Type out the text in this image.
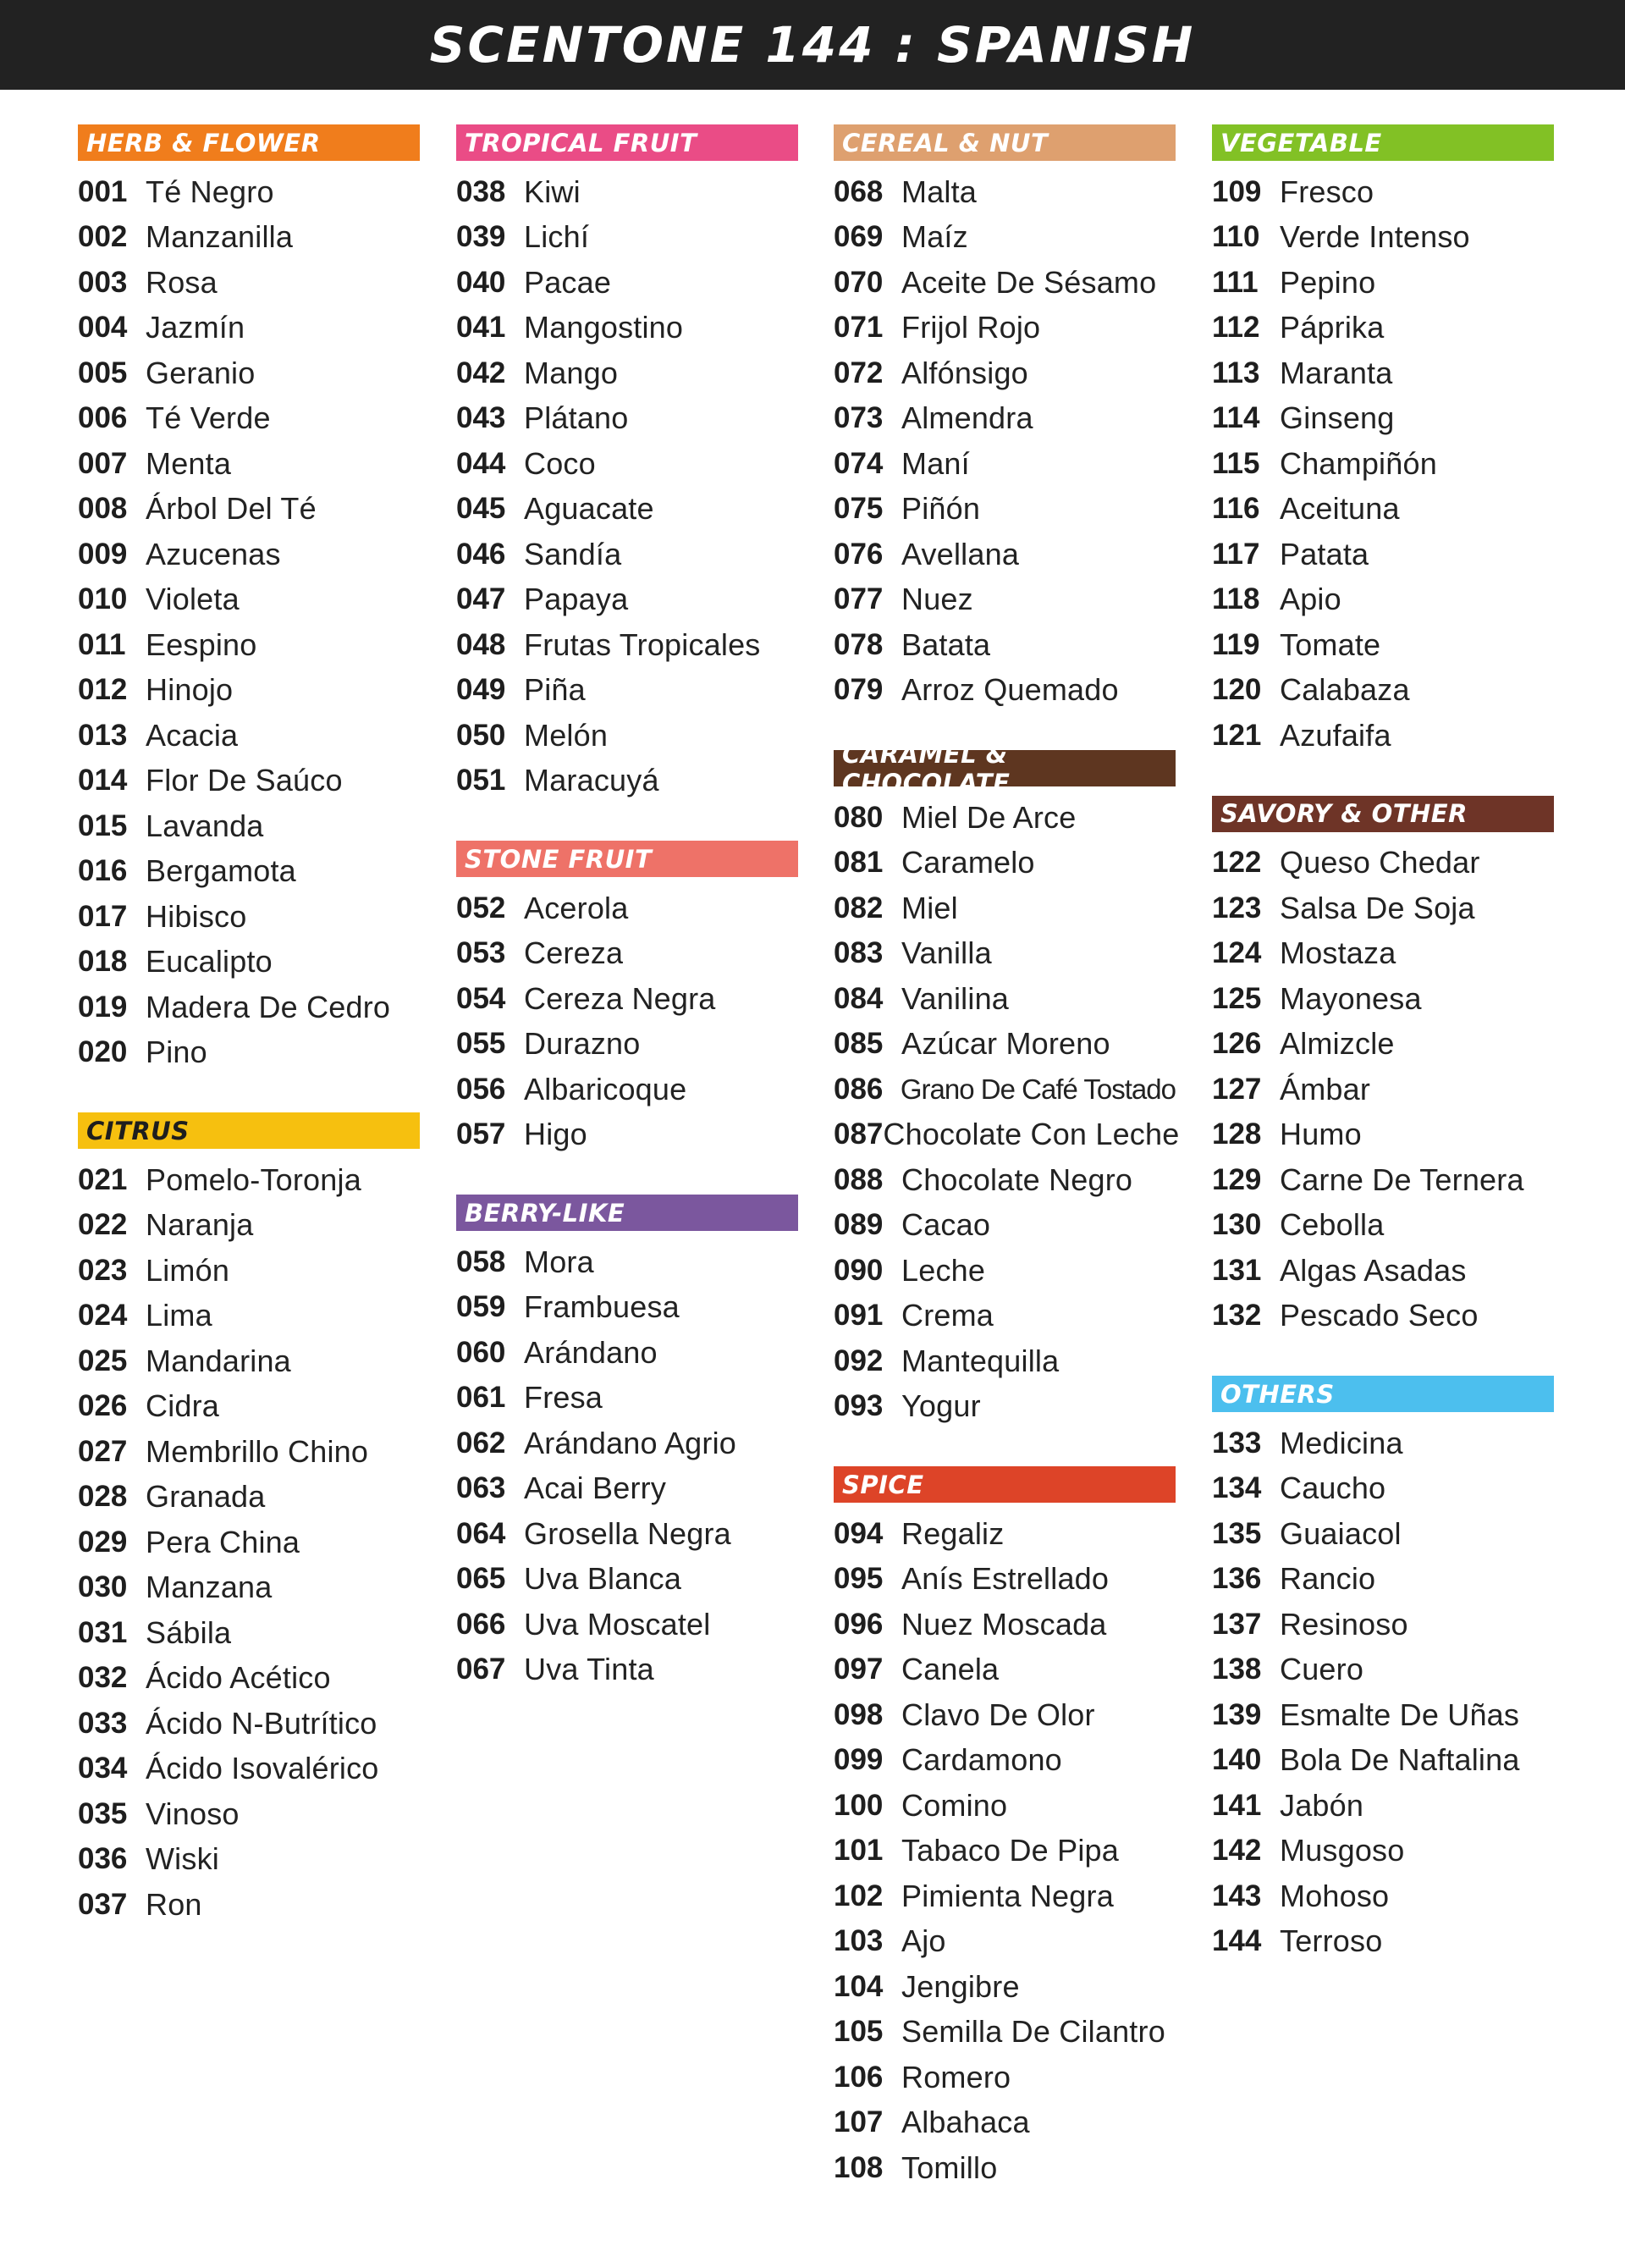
SCENTONE 144 : SPANISH
HERB & FLOWER
001 Té Negro
002 Manzanilla
003 Rosa
004 Jazmín
005 Geranio
006 Té Verde
007 Menta
008 Árbol Del Té
009 Azucenas
010 Violeta
011 Eespino
012 Hinojo
013 Acacia
014 Flor De Saúco
015 Lavanda
016 Bergamota
017 Hibisco
018 Eucalipto
019 Madera De Cedro
020 Pino
CITRUS
021 Pomelo-Toronja
022 Naranja
023 Limón
024 Lima
025 Mandarina
026 Cidra
027 Membrillo Chino
028 Granada
029 Pera China
030 Manzana
031 Sábila
032 Ácido Acético
033 Ácido N-Butrítico
034 Ácido Isovalérico
035 Vinoso
036 Wiski
037 Ron
TROPICAL FRUIT
038 Kiwi
039 Lichí
040 Pacae
041 Mangostino
042 Mango
043 Plátano
044 Coco
045 Aguacate
046 Sandía
047 Papaya
048 Frutas Tropicales
049 Piña
050 Melón
051 Maracuyá
STONE FRUIT
052 Acerola
053 Cereza
054 Cereza Negra
055 Durazno
056 Albaricoque
057 Higo
BERRY-LIKE
058 Mora
059 Frambuesa
060 Arándano
061 Fresa
062 Arándano Agrio
063 Acai Berry
064 Grosella Negra
065 Uva Blanca
066 Uva Moscatel
067 Uva Tinta
CEREAL & NUT
068 Malta
069 Maíz
070 Aceite De Sésamo
071 Frijol Rojo
072 Alfónsigo
073 Almendra
074 Maní
075 Piñón
076 Avellana
077 Nuez
078 Batata
079 Arroz Quemado
CARAMEL & CHOCOLATE
080 Miel De Arce
081 Caramelo
082 Miel
083 Vanilla
084 Vanilina
085 Azúcar Moreno
086 Grano De Café Tostado
087 Chocolate Con Leche
088 Chocolate Negro
089 Cacao
090 Leche
091 Crema
092 Mantequilla
093 Yogur
SPICE
094 Regaliz
095 Anís Estrellado
096 Nuez Moscada
097 Canela
098 Clavo De Olor
099 Cardamono
100 Comino
101 Tabaco De Pipa
102 Pimienta Negra
103 Ajo
104 Jengibre
105 Semilla De Cilantro
106 Romero
107 Albahaca
108 Tomillo
VEGETABLE
109 Fresco
110 Verde Intenso
111 Pepino
112 Páprika
113 Maranta
114 Ginseng
115 Champiñón
116 Aceituna
117 Patata
118 Apio
119 Tomate
120 Calabaza
121 Azufaifa
SAVORY & OTHER
122 Queso Chedar
123 Salsa De Soja
124 Mostaza
125 Mayonesa
126 Almizcle
127 Ámbar
128 Humo
129 Carne De Ternera
130 Cebolla
131 Algas Asadas
132 Pescado Seco
OTHERS
133 Medicina
134 Caucho
135 Guaiacol
136 Rancio
137 Resinoso
138 Cuero
139 Esmalte De Uñas
140 Bola De Naftalina
141 Jabón
142 Musgoso
143 Mohoso
144 Terroso
